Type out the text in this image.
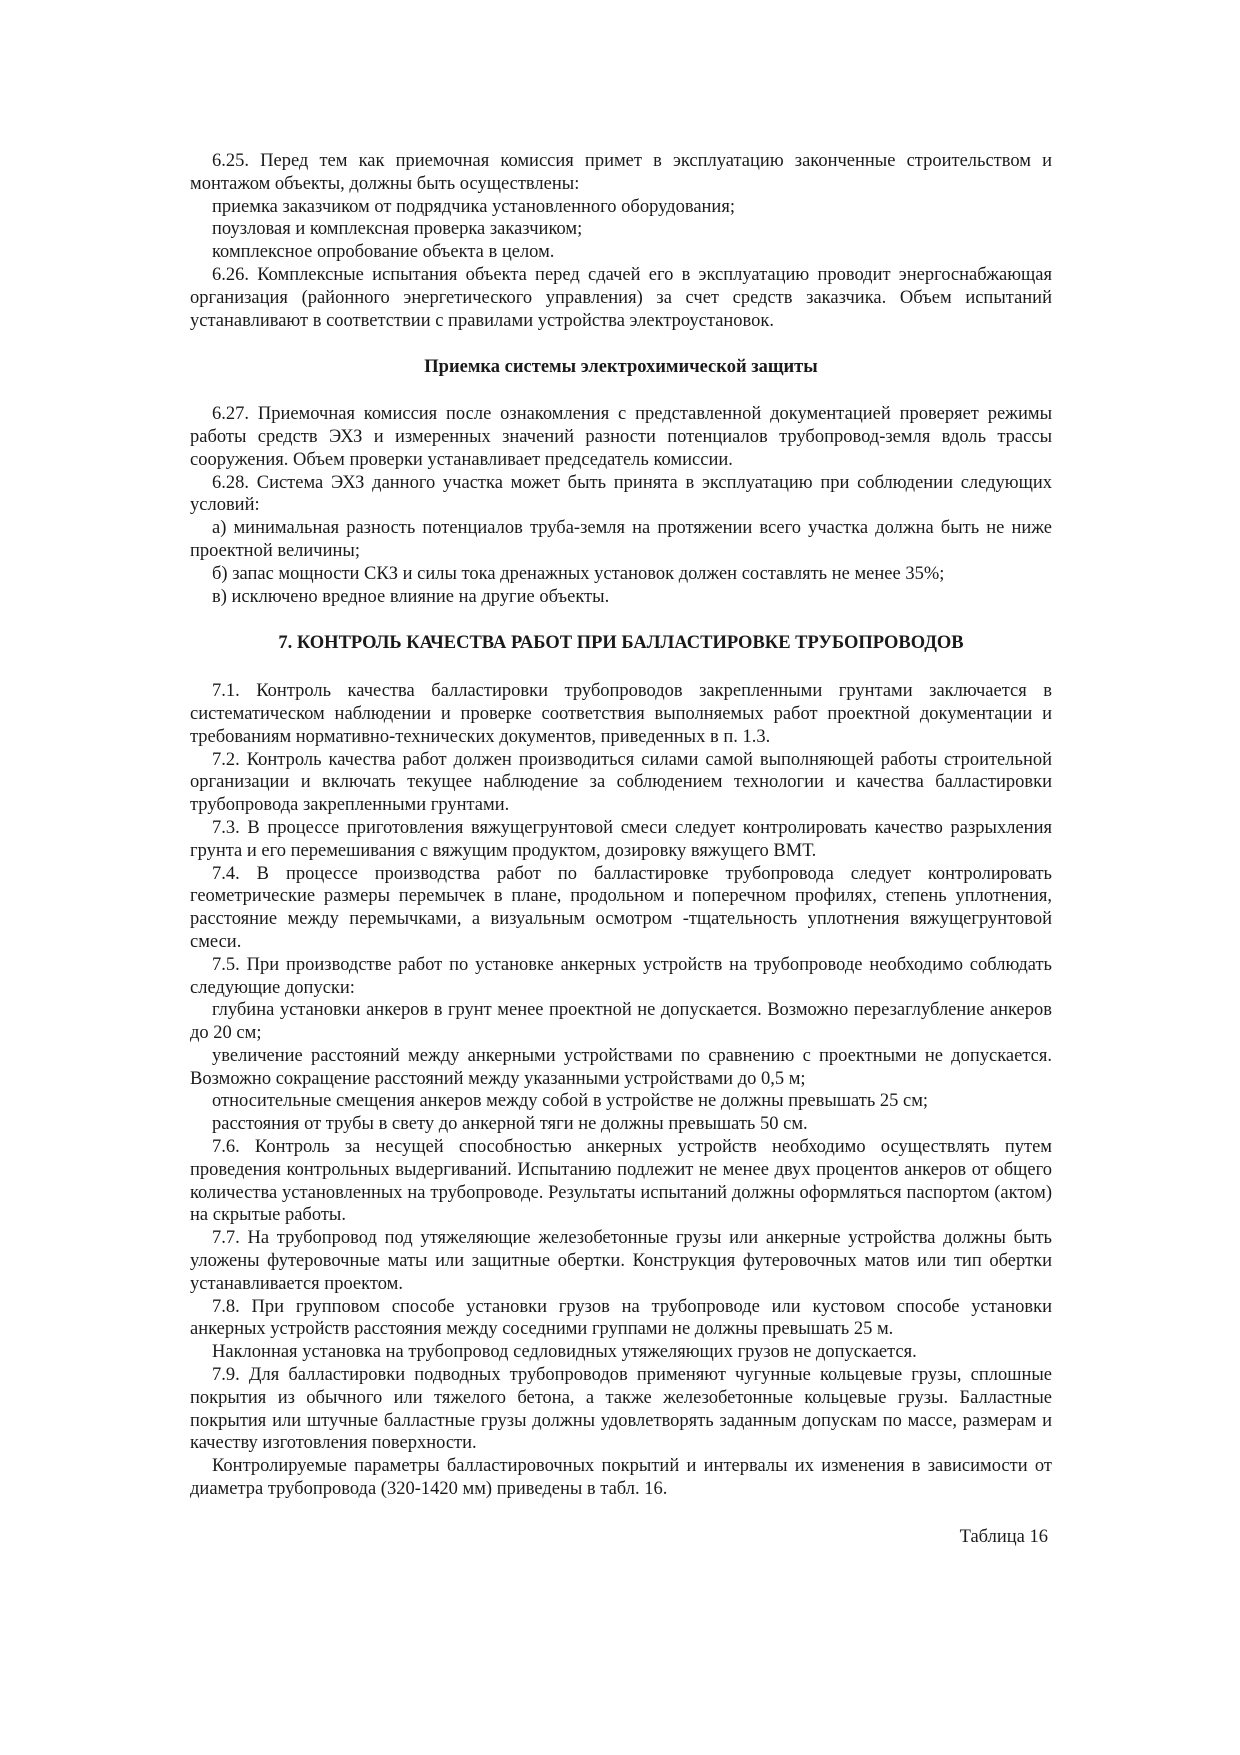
6.25. Перед тем как приемочная комиссия примет в эксплуатацию законченные строительством и монтажом объекты, должны быть осуществлены:

приемка заказчиком от подрядчика установленного оборудования;

поузловая и комплексная проверка заказчиком;

комплексное опробование объекта в целом.

6.26. Комплексные испытания объекта перед сдачей его в эксплуатацию проводит энергоснабжающая организация (районного энергетического управления) за счет средств заказчика. Объем испытаний устанавливают в соответствии с правилами устройства электроустановок.

Приемка системы электрохимической защиты

6.27. Приемочная комиссия после ознакомления с представленной документацией проверяет режимы работы средств ЭХЗ и измеренных значений разности потенциалов трубопровод-земля вдоль трассы сооружения. Объем проверки устанавливает председатель комиссии.

6.28. Система ЭХЗ данного участка может быть принята в эксплуатацию при соблюдении следующих условий:

а) минимальная разность потенциалов труба-земля на протяжении всего участка должна быть не ниже проектной величины;

б) запас мощности СКЗ и силы тока дренажных установок должен составлять не менее 35%;

в) исключено вредное влияние на другие объекты.

7. КОНТРОЛЬ КАЧЕСТВА РАБОТ ПРИ БАЛЛАСТИРОВКЕ ТРУБОПРОВОДОВ

7.1. Контроль качества балластировки трубопроводов закрепленными грунтами заключается в систематическом наблюдении и проверке соответствия выполняемых работ проектной документации и требованиям нормативно-технических документов, приведенных в п. 1.3.

7.2. Контроль качества работ должен производиться силами самой выполняющей работы строительной организации и включать текущее наблюдение за соблюдением технологии и качества балластировки трубопровода закрепленными грунтами.

7.3. В процессе приготовления вяжущегрунтовой смеси следует контролировать качество разрыхления грунта и его перемешивания с вяжущим продуктом, дозировку вяжущего ВМТ.

7.4. В процессе производства работ по балластировке трубопровода следует контролировать геометрические размеры перемычек в плане, продольном и поперечном профилях, степень уплотнения, расстояние между перемычками, а визуальным осмотром -тщательность уплотнения вяжущегрунтовой смеси.

7.5. При производстве работ по установке анкерных устройств на трубопроводе необходимо соблюдать следующие допуски:

глубина установки анкеров в грунт менее проектной не допускается. Возможно перезаглубление анкеров до 20 см;

увеличение расстояний между анкерными устройствами по сравнению с проектными не допускается. Возможно сокращение расстояний между указанными устройствами до 0,5 м;

относительные смещения анкеров между собой в устройстве не должны превышать 25 см;

расстояния от трубы в свету до анкерной тяги не должны превышать 50 см.

7.6. Контроль за несущей способностью анкерных устройств необходимо осуществлять путем проведения контрольных выдергиваний. Испытанию подлежит не менее двух процентов анкеров от общего количества установленных на трубопроводе. Результаты испытаний должны оформляться паспортом (актом) на скрытые работы.

7.7. На трубопровод под утяжеляющие железобетонные грузы или анкерные устройства должны быть уложены футеровочные маты или защитные обертки. Конструкция футеровочных матов или тип обертки устанавливается проектом.

7.8. При групповом способе установки грузов на трубопроводе или кустовом способе установки анкерных устройств расстояния между соседними группами не должны превышать 25 м.

Наклонная установка на трубопровод седловидных утяжеляющих грузов не допускается.

7.9. Для балластировки подводных трубопроводов применяют чугунные кольцевые грузы, сплошные покрытия из обычного или тяжелого бетона, а также железобетонные кольцевые грузы. Балластные покрытия или штучные балластные грузы должны удовлетворять заданным допускам по массе, размерам и качеству изготовления поверхности.

Контролируемые параметры балластировочных покрытий и интервалы их изменения в зависимости от диаметра трубопровода (320-1420 мм) приведены в табл. 16.

Таблица 16
